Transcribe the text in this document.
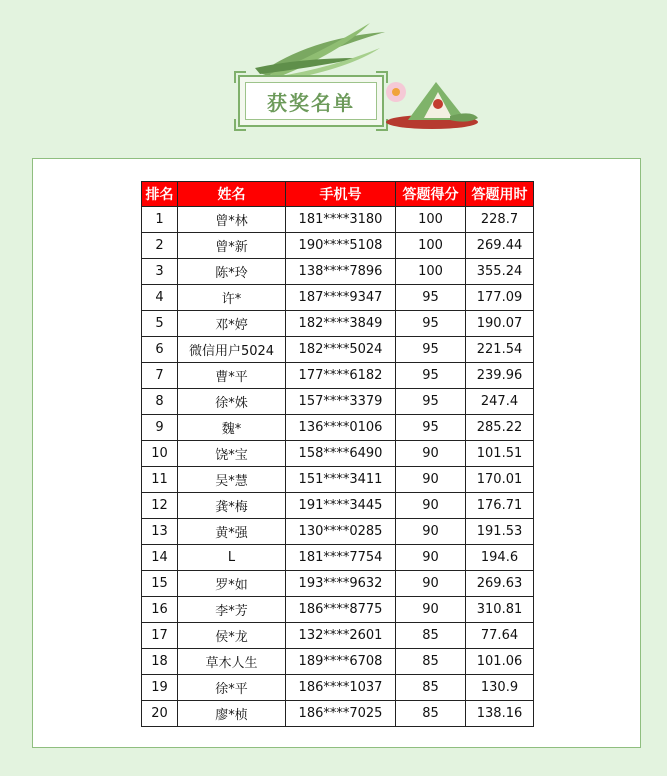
获奖名单
排名	姓名	手机号	答题得分	答题用时
1	曾*林	181****3180	100	228.7
2	曾*新	190****5108	100	269.44
3	陈*玲	138****7896	100	355.24
4	许*	187****9347	95	177.09
5	邓*婷	182****3849	95	190.07
6	微信用户5024	182****5024	95	221.54
7	曹*平	177****6182	95	239.96
8	徐*姝	157****3379	95	247.4
9	魏*	136****0106	95	285.22
10	饶*宝	158****6490	90	101.51
11	吴*慧	151****3411	90	170.01
12	龚*梅	191****3445	90	176.71
13	黄*强	130****0285	90	191.53
14	L	181****7754	90	194.6
15	罗*如	193****9632	90	269.63
16	李*芳	186****8775	90	310.81
17	侯*龙	132****2601	85	77.64
18	草木人生	189****6708	85	101.06
19	徐*平	186****1037	85	130.9
20	廖*桢	186****7025	85	138.16
